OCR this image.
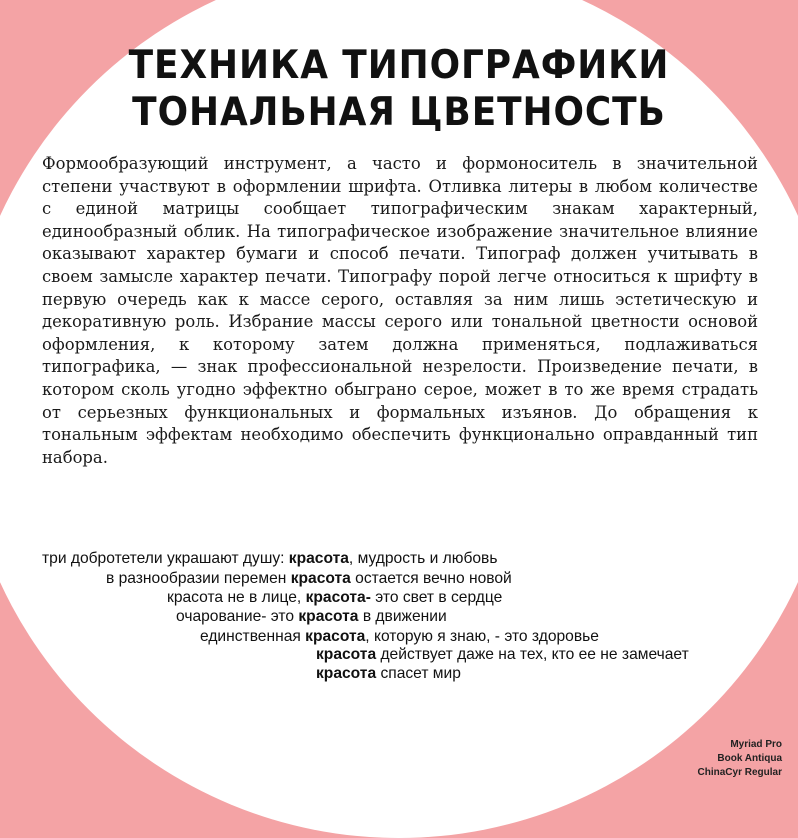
ТЕХНИКА ТИПОГРАФИКИ
ТОНАЛЬНАЯ ЦВЕТНОСТЬ
Формообразующий инструмент, а часто и формоноситель в значительной степени участвуют в оформлении шрифта. Отливка литеры в любом количестве с единой матрицы сообщает типографическим знакам характерный, единообразный облик. На типографическое изображение значительное влияние оказывают характер бумаги и способ печати. Типограф должен учитывать в своем замысле характер печати. Типографу порой легче относиться к шрифту в первую очередь как к массе серого, оставляя за ним лишь эстетическую и декоративную роль. Избрание массы серого или тональной цветности основой оформления, к которому затем должна применяться, подлаживаться типографика, — знак профессиональной незрелости. Произведение печати, в котором сколь угодно эффектно обыграно серое, может в то же время страдать от серьезных функциональных и формальных изъянов. До обращения к тональным эффектам необходимо обеспечить функционально оправданный тип набора.
три добротетели украшают душу: красота, мудрость и любовь
в разнообразии перемен красота остается вечно новой
красота не в лице, красота- это свет в сердце
очарование- это красота в движении
единственная красота, которую я знаю, - это здоровье
красота действует даже на тех, кто ее не замечает
красота спасет мир
Myriad Pro
Book Antiqua
ChinaCyr Regular
